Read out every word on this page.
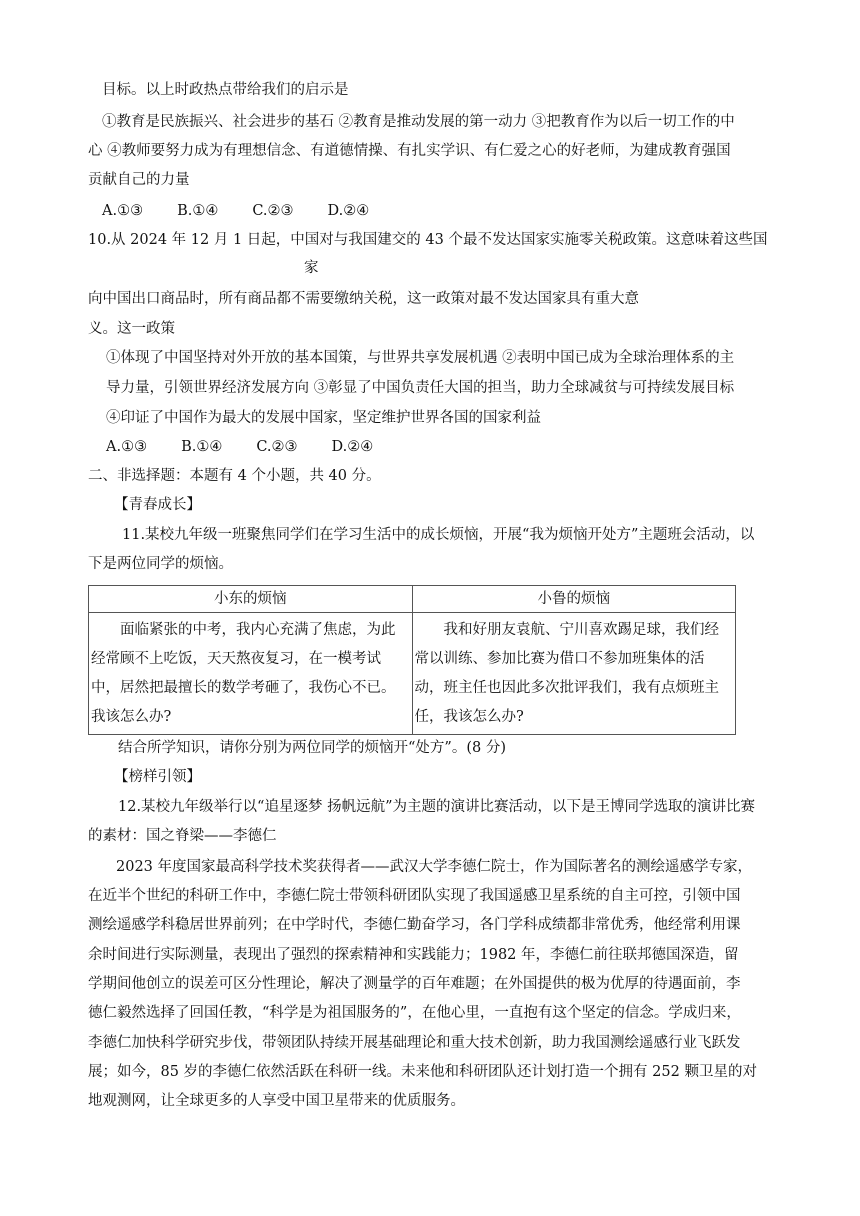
目标。以上时政热点带给我们的启示是
①教育是民族振兴、社会进步的基石 ②教育是推动发展的第一动力 ③把教育作为以后一切工作的中
心 ④教师要努力成为有理想信念、有道德情操、有扎实学识、有仁爱之心的好老师，为建成教育强国
贡献自己的力量
A.①③ B.①④ C.②③ D.②④
10.从 2024 年 12 月 1 日起，中国对与我国建交的 43 个最不发达国家实施零关税政策。这意味着这些国
家
向中国出口商品时，所有商品都不需要缴纳关税，这一政策对最不发达国家具有重大意
义。这一政策
①体现了中国坚持对外开放的基本国策，与世界共享发展机遇 ②表明中国已成为全球治理体系的主
导力量，引领世界经济发展方向 ③彰显了中国负责任大国的担当，助力全球减贫与可持续发展目标
④印证了中国作为最大的发展中国家，坚定维护世界各国的国家利益
A.①③ B.①④ C.②③ D.②④
二、非选择题：本题有 4 个小题，共 40 分。
【青春成长】
11.某校九年级一班聚焦同学们在学习生活中的成长烦恼，开展“我为烦恼开处方”主题班会活动，以
下是两位同学的烦恼。
小东的烦恼	小鲁的烦恼
　　面临紧张的中考，我内心充满了焦虑，为此经常顾不上吃饭，天天熬夜复习，在一模考试中，居然把最擅长的数学考砸了，我伤心不已。我该怎么办?	　　我和好朋友袁航、宁川喜欢踢足球，我们经常以训练、参加比赛为借口不参加班集体的活动，班主任也因此多次批评我们，我有点烦班主任，我该怎么办?
结合所学知识，请你分别为两位同学的烦恼开“处方”。(8 分)
【榜样引领】
12.某校九年级举行以“追星逐梦 扬帆远航”为主题的演讲比赛活动，以下是王博同学选取的演讲比赛
的素材：国之脊梁——李德仁
2023 年度国家最高科学技术奖获得者——武汉大学李德仁院士，作为国际著名的测绘遥感学专家，
在近半个世纪的科研工作中，李德仁院士带领科研团队实现了我国遥感卫星系统的自主可控，引领中国
测绘遥感学科稳居世界前列；在中学时代，李德仁勤奋学习，各门学科成绩都非常优秀，他经常利用课
余时间进行实际测量，表现出了强烈的探索精神和实践能力；1982 年，李德仁前往联邦德国深造，留
学期间他创立的误差可区分性理论，解决了测量学的百年难题；在外国提供的极为优厚的待遇面前，李
德仁毅然选择了回国任教，“科学是为祖国服务的”，在他心里，一直抱有这个坚定的信念。学成归来，
李德仁加快科学研究步伐，带领团队持续开展基础理论和重大技术创新，助力我国测绘遥感行业飞跃发
展；如今，85 岁的李德仁依然活跃在科研一线。未来他和科研团队还计划打造一个拥有 252 颗卫星的对
地观测网，让全球更多的人享受中国卫星带来的优质服务。
